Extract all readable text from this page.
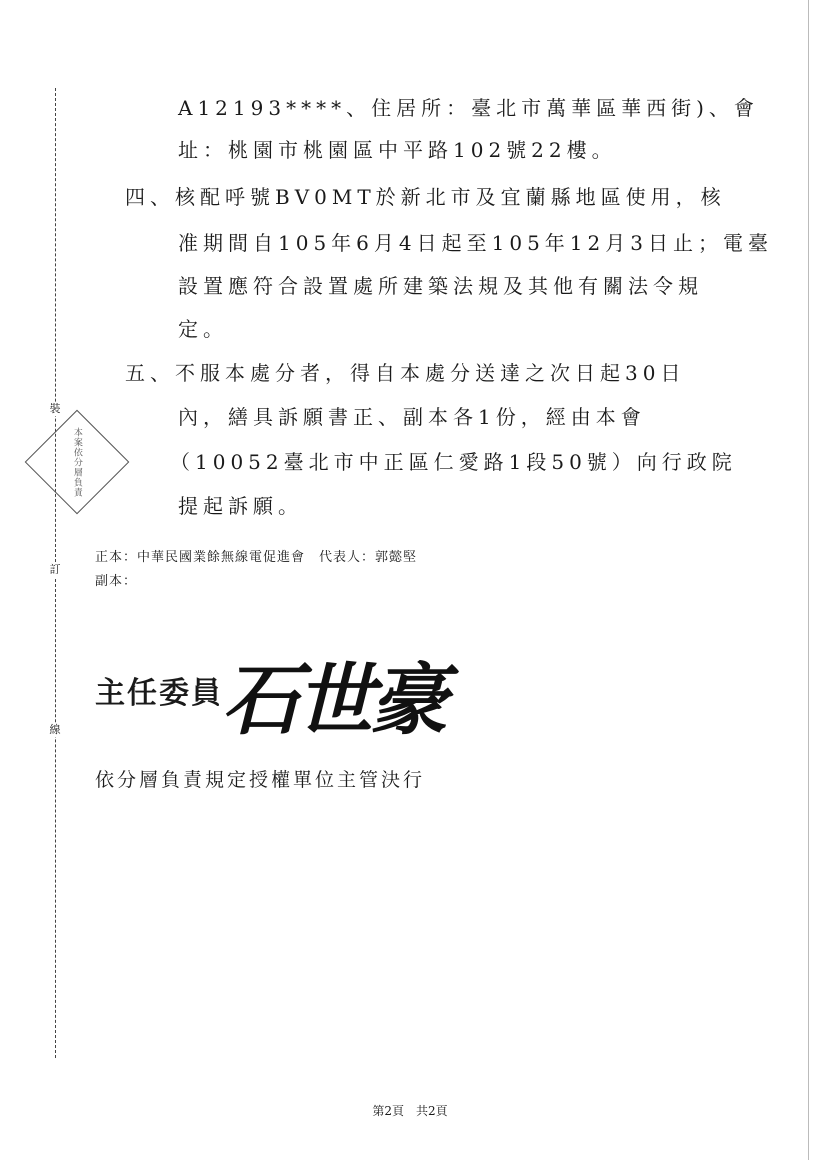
裝
訂
線
本案依分層負責
A12193****、住居所：臺北市萬華區華西街)、會
址：桃園市桃園區中平路102號22樓。
四、核配呼號BV0MT於新北市及宜蘭縣地區使用，核
准期間自105年6月4日起至105年12月3日止；電臺
設置應符合設置處所建築法規及其他有關法令規
定。
五、不服本處分者，得自本處分送達之次日起30日
內，繕具訴願書正、副本各1份，經由本會
（10052臺北市中正區仁愛路1段50號）向行政院
提起訴願。
正本：中華民國業餘無線電促進會　代表人：郭懿堅
副本：
主任委員 石世豪
依分層負責規定授權單位主管決行
第2頁　共2頁
